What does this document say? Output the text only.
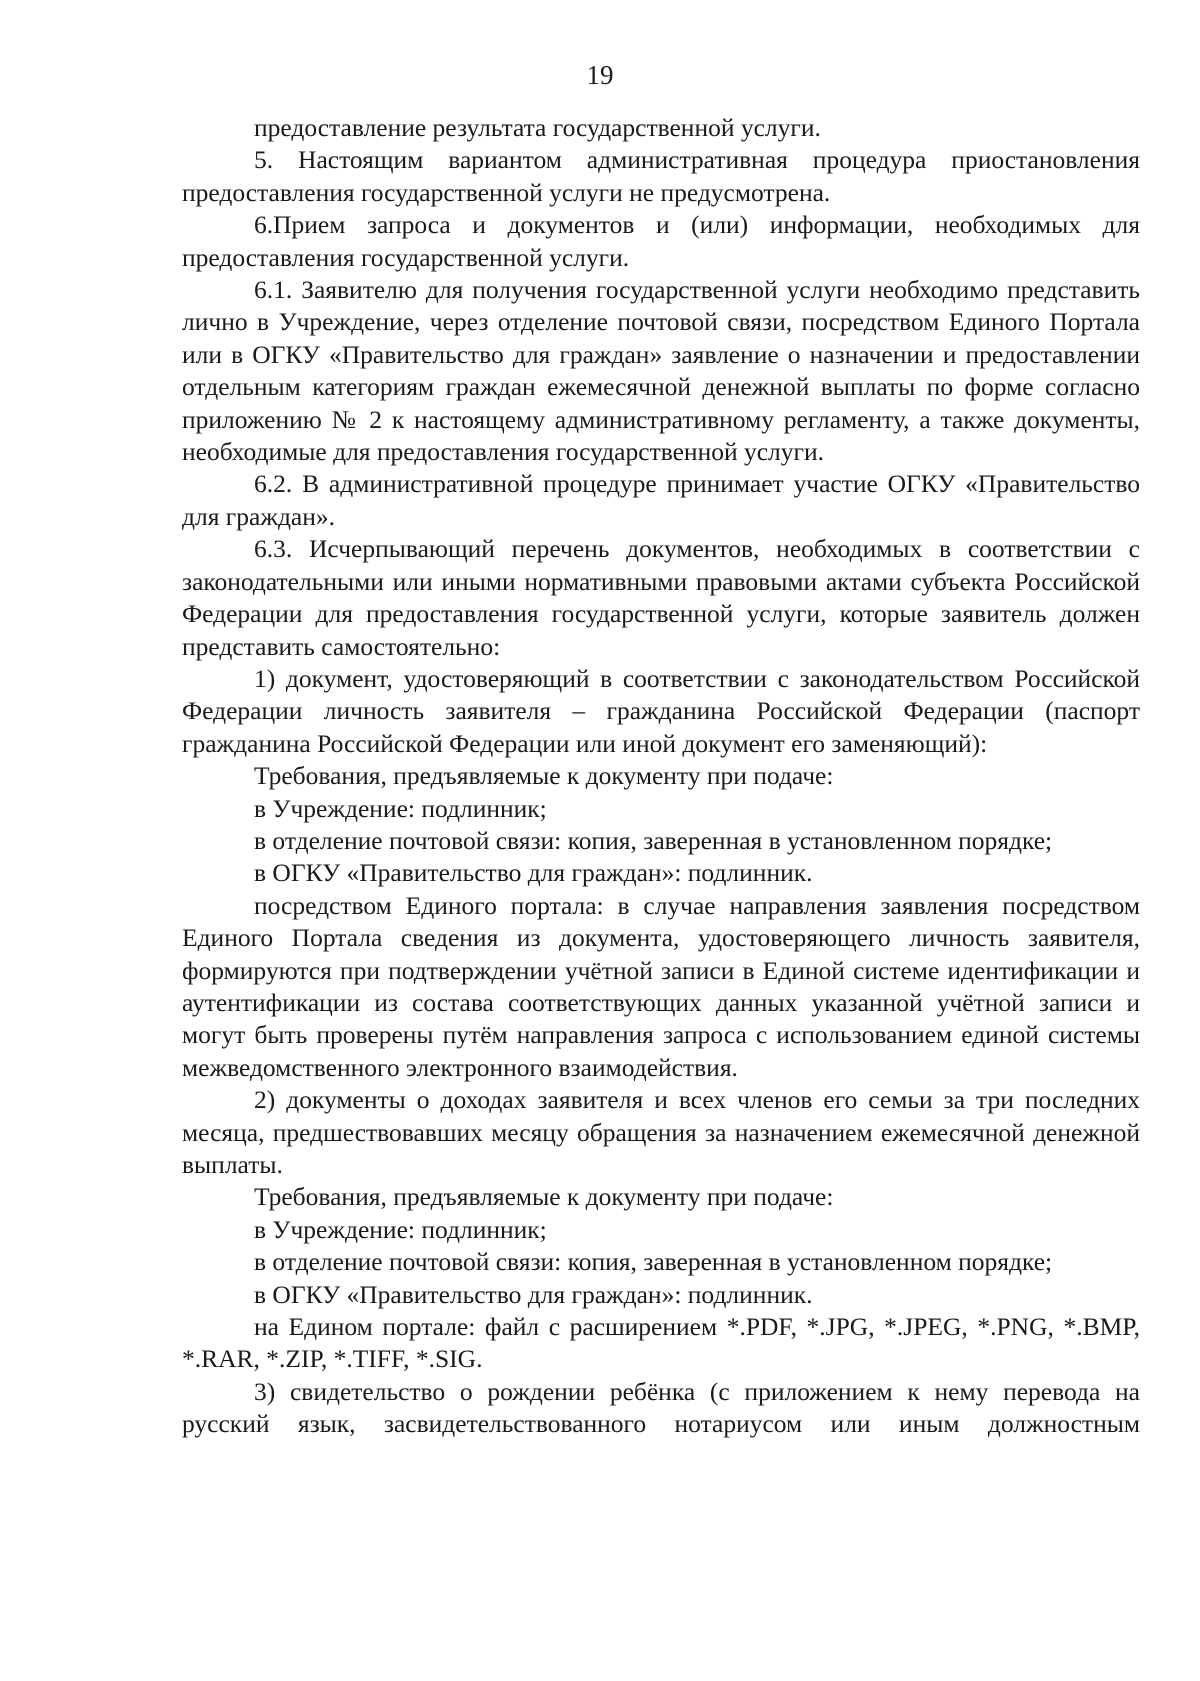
19

предоставление результата государственной услуги.

5. Настоящим вариантом административная процедура приостановления предоставления государственной услуги не предусмотрена.

6.Прием запроса и документов и (или) информации, необходимых для предоставления государственной услуги.

6.1. Заявителю для получения государственной услуги необходимо представить лично в Учреждение, через отделение почтовой связи, посредством Единого Портала или в ОГКУ «Правительство для граждан» заявление о назначении и предоставлении отдельным категориям граждан ежемесячной денежной выплаты по форме согласно приложению № 2 к настоящему административному регламенту, а также документы, необходимые для предоставления государственной услуги.

6.2. В административной процедуре принимает участие ОГКУ «Правительство для граждан».

6.3. Исчерпывающий перечень документов, необходимых в соответствии с законодательными или иными нормативными правовыми актами субъекта Российской Федерации для предоставления государственной услуги, которые заявитель должен представить самостоятельно:

1) документ, удостоверяющий в соответствии с законодательством Российской Федерации личность заявителя – гражданина Российской Федерации (паспорт гражданина Российской Федерации или иной документ его заменяющий):

Требования, предъявляемые к документу при подаче:

в Учреждение: подлинник;

в отделение почтовой связи: копия, заверенная в установленном порядке;

в ОГКУ «Правительство для граждан»: подлинник.

посредством Единого портала: в случае направления заявления посредством Единого Портала сведения из документа, удостоверяющего личность заявителя, формируются при подтверждении учётной записи в Единой системе идентификации и аутентификации из состава соответствующих данных указанной учётной записи и могут быть проверены путём направления запроса с использованием единой системы межведомственного электронного взаимодействия.

2) документы о доходах заявителя и всех членов его семьи за три последних месяца, предшествовавших месяцу обращения за назначением ежемесячной денежной выплаты.

Требования, предъявляемые к документу при подаче:

в Учреждение: подлинник;

в отделение почтовой связи: копия, заверенная в установленном порядке;

в ОГКУ «Правительство для граждан»: подлинник.

на Едином портале: файл с расширением *.PDF, *.JPG, *.JPEG, *.PNG, *.BMP, *.RAR, *.ZIP, *.TIFF, *.SIG.

3) свидетельство о рождении ребёнка (с приложением к нему перевода на русский язык, засвидетельствованного нотариусом или иным должностным
